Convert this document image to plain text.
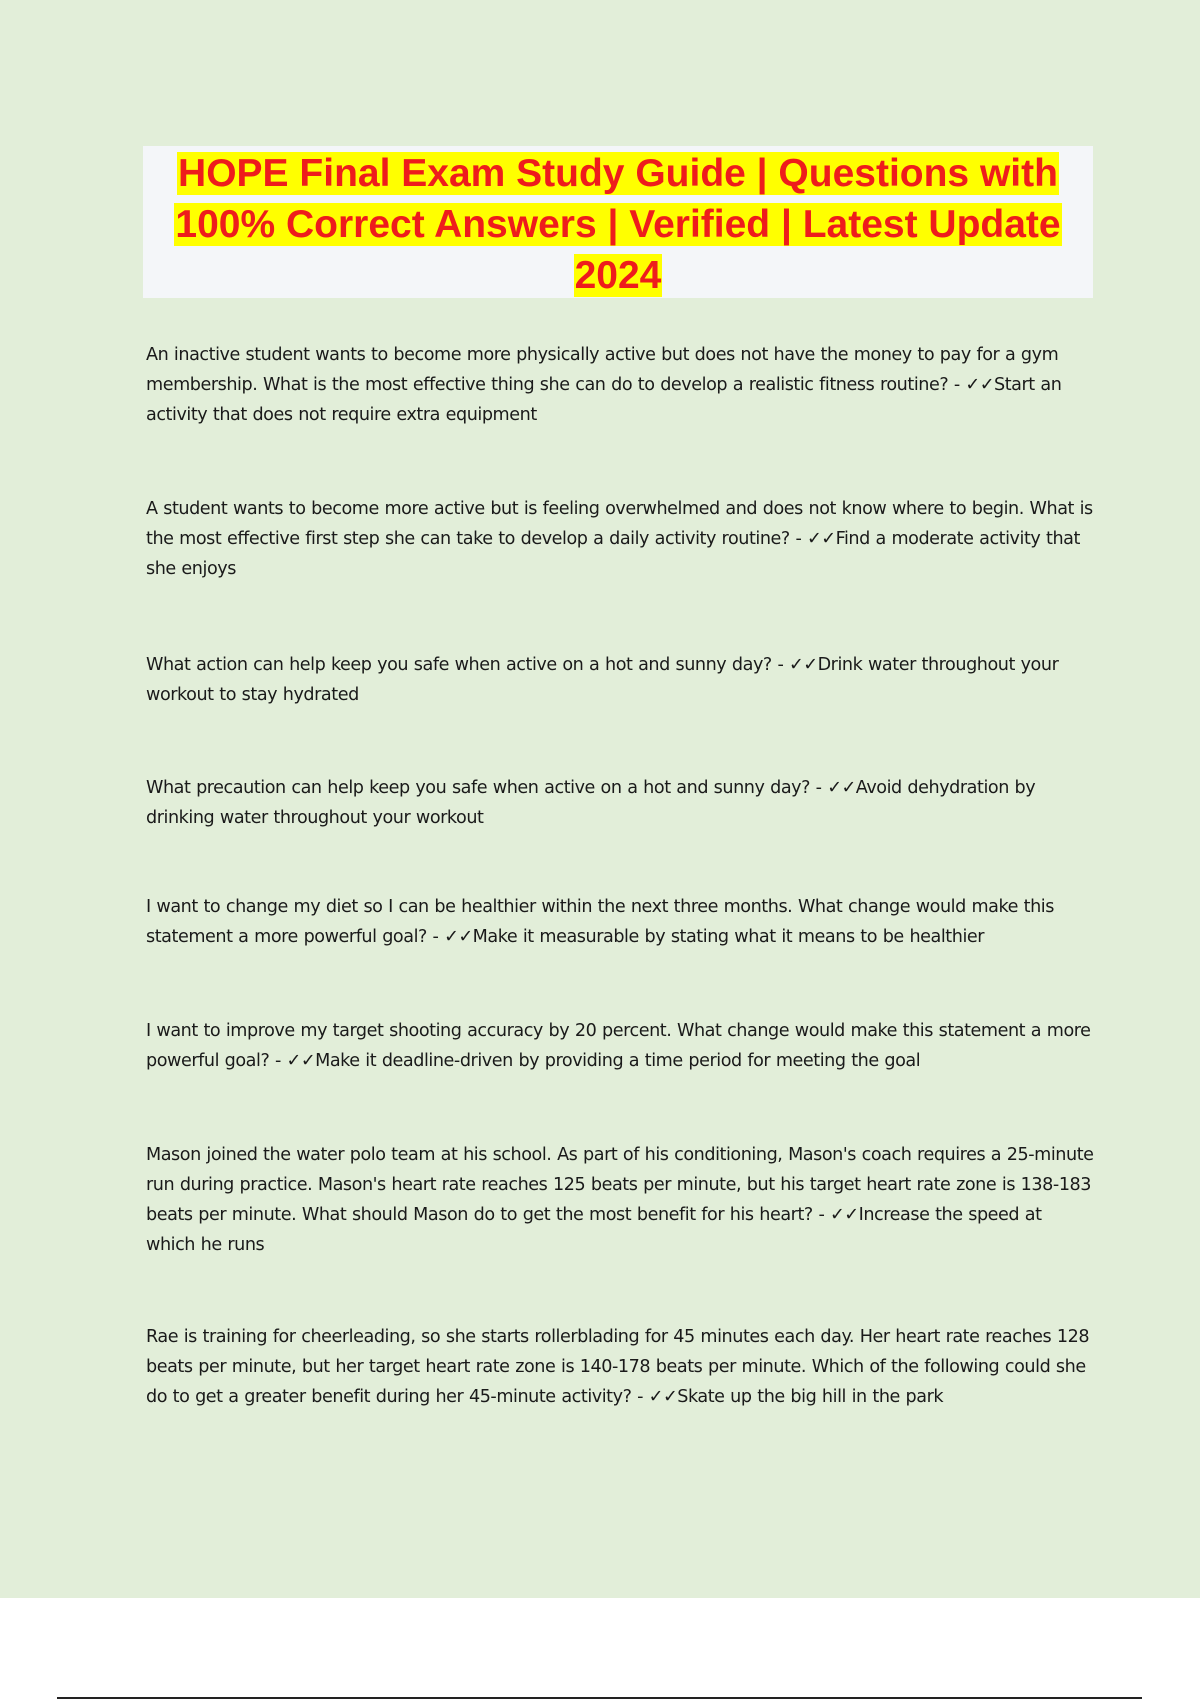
HOPE Final Exam Study Guide | Questions with 100% Correct Answers | Verified | Latest Update 2024
An inactive student wants to become more physically active but does not have the money to pay for a gym membership. What is the most effective thing she can do to develop a realistic fitness routine? - ✓✓Start an activity that does not require extra equipment
A student wants to become more active but is feeling overwhelmed and does not know where to begin. What is the most effective first step she can take to develop a daily activity routine? - ✓✓Find a moderate activity that she enjoys
What action can help keep you safe when active on a hot and sunny day? - ✓✓Drink water throughout your workout to stay hydrated
What precaution can help keep you safe when active on a hot and sunny day? - ✓✓Avoid dehydration by drinking water throughout your workout
I want to change my diet so I can be healthier within the next three months. What change would make this statement a more powerful goal? - ✓✓Make it measurable by stating what it means to be healthier
I want to improve my target shooting accuracy by 20 percent. What change would make this statement a more powerful goal? - ✓✓Make it deadline-driven by providing a time period for meeting the goal
Mason joined the water polo team at his school. As part of his conditioning, Mason's coach requires a 25-minute run during practice. Mason's heart rate reaches 125 beats per minute, but his target heart rate zone is 138-183 beats per minute. What should Mason do to get the most benefit for his heart? - ✓✓Increase the speed at which he runs
Rae is training for cheerleading, so she starts rollerblading for 45 minutes each day. Her heart rate reaches 128 beats per minute, but her target heart rate zone is 140-178 beats per minute. Which of the following could she do to get a greater benefit during her 45-minute activity? - ✓✓Skate up the big hill in the park
